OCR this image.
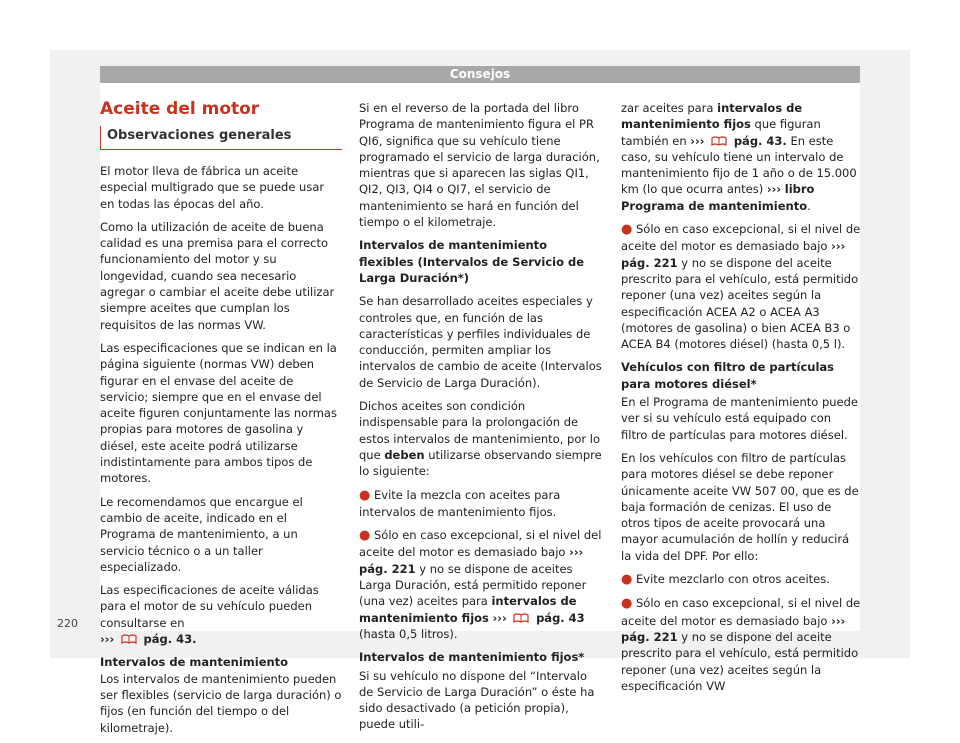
Consejos
Aceite del motor
Observaciones generales

El motor lleva de fábrica un aceite especial multigrado que se puede usar en todas las épocas del año.

Como la utilización de aceite de buena calidad es una premisa para el correcto funcionamiento del motor y su longevidad, cuando sea necesario agregar o cambiar el aceite debe utilizar siempre aceites que cumplan los requisitos de las normas VW.

Las especificaciones que se indican en la página siguiente (normas VW) deben figurar en el envase del aceite de servicio; siempre que en el envase del aceite figuren conjuntamente las normas propias para motores de gasolina y diésel, este aceite podrá utilizarse indistintamente para ambos tipos de motores.

Le recomendamos que encargue el cambio de aceite, indicado en el Programa de mantenimiento, a un servicio técnico o a un taller especializado.

Las especificaciones de aceite válidas para el motor de su vehículo pueden consultarse en
›››	pág. 43.

Intervalos de mantenimiento

Los intervalos de mantenimiento pueden ser flexibles (servicio de larga duración) o fijos (en función del tiempo o del kilometraje).

Si en el reverso de la portada del libro Programa de mantenimiento figura el PR QI6, significa que su vehículo tiene programado el servicio de larga duración, mientras que si aparecen las siglas QI1, QI2, QI3, QI4 o QI7, el servicio de mantenimiento se hará en función del tiempo o el kilometraje.

Intervalos de mantenimiento flexibles (Intervalos de Servicio de Larga Duración*)

Se han desarrollado aceites especiales y controles que, en función de las características y perfiles individuales de conducción, permiten ampliar los intervalos de cambio de aceite (Intervalos de Servicio de Larga Duración).

Dichos aceites son condición indispensable para la prolongación de estos intervalos de mantenimiento, por lo que deben utilizarse observando siempre lo siguiente:

● Evite la mezcla con aceites para intervalos de mantenimiento fijos.

● Sólo en caso excepcional, si el nivel del aceite del motor es demasiado bajo ››› pág. 221 y no se dispone de aceites Larga Duración, está permitido reponer (una vez) aceites para intervalos de mantenimiento fijos ›››	pág. 43 (hasta 0,5 litros).

Intervalos de mantenimiento fijos*

Si su vehículo no dispone del “Intervalo de Servicio de Larga Duración” o éste ha sido desactivado (a petición propia), puede utili-

zar aceites para intervalos de mantenimiento fijos que figuran también en ›››	pág. 43. En este caso, su vehículo tiene un intervalo de mantenimiento fijo de 1 año o de 15.000 km (lo que ocurra antes) ››› libro Programa de mantenimiento.

● Sólo en caso excepcional, si el nivel de aceite del motor es demasiado bajo ››› pág. 221 y no se dispone del aceite prescrito para el vehículo, está permitido reponer (una vez) aceites según la especificación ACEA A2 o ACEA A3 (motores de gasolina) o bien ACEA B3 o ACEA B4 (motores diésel) (hasta 0,5 l).

Vehículos con filtro de partículas para motores diésel*

En el Programa de mantenimiento puede ver si su vehículo está equipado con filtro de partículas para motores diésel.

En los vehículos con filtro de partículas para motores diésel se debe reponer únicamente aceite VW 507 00, que es de baja formación de cenizas. El uso de otros tipos de aceite provocará una mayor acumulación de hollín y reducirá la vida del DPF. Por ello:

● Evite mezclarlo con otros aceites.

● Sólo en caso excepcional, si el nivel de aceite del motor es demasiado bajo ››› pág. 221 y no se dispone del aceite prescrito para el vehículo, está permitido reponer (una vez) aceites según la especificación VW

220
